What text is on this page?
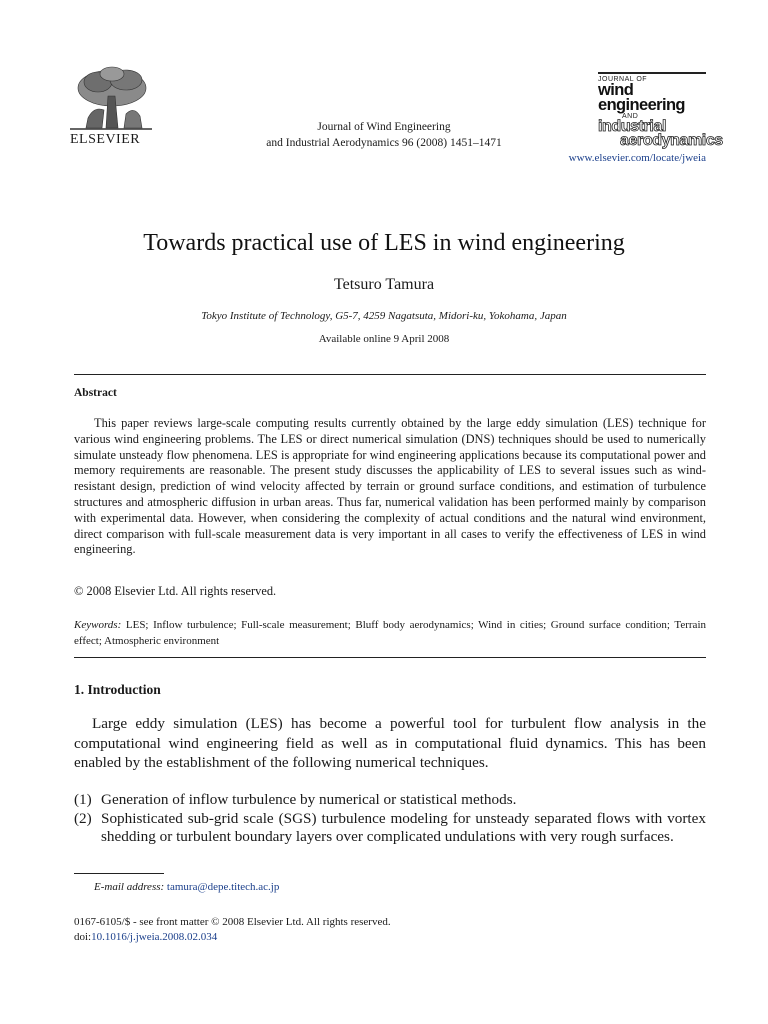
ELSEVIER
Journal of Wind Engineering
and Industrial Aerodynamics 96 (2008) 1451–1471
JOURNAL OF
wind engineering
AND
industrial
aerodynamics
www.elsevier.com/locate/jweia
Towards practical use of LES in wind engineering
Tetsuro Tamura
Tokyo Institute of Technology, G5-7, 4259 Nagatsuta, Midori-ku, Yokohama, Japan
Available online 9 April 2008
Abstract
This paper reviews large-scale computing results currently obtained by the large eddy simulation (LES) technique for various wind engineering problems. The LES or direct numerical simulation (DNS) techniques should be used to numerically simulate unsteady flow phenomena. LES is appropriate for wind engineering applications because its computational power and memory requirements are reasonable. The present study discusses the applicability of LES to several issues such as wind-resistant design, prediction of wind velocity affected by terrain or ground surface conditions, and estimation of turbulence structures and atmospheric diffusion in urban areas. Thus far, numerical validation has been performed mainly by comparison with experimental data. However, when considering the complexity of actual conditions and the natural wind environment, direct comparison with full-scale measurement data is very important in all cases to verify the effectiveness of LES in wind engineering.
© 2008 Elsevier Ltd. All rights reserved.
Keywords: LES; Inflow turbulence; Full-scale measurement; Bluff body aerodynamics; Wind in cities; Ground surface condition; Terrain effect; Atmospheric environment
1. Introduction
Large eddy simulation (LES) has become a powerful tool for turbulent flow analysis in the computational wind engineering field as well as in computational fluid dynamics. This has been enabled by the establishment of the following numerical techniques.
(1) Generation of inflow turbulence by numerical or statistical methods.
(2) Sophisticated sub-grid scale (SGS) turbulence modeling for unsteady separated flows with vortex shedding or turbulent boundary layers over complicated undulations with very rough surfaces.
E-mail address: tamura@depe.titech.ac.jp
0167-6105/$ - see front matter © 2008 Elsevier Ltd. All rights reserved.
doi:10.1016/j.jweia.2008.02.034
